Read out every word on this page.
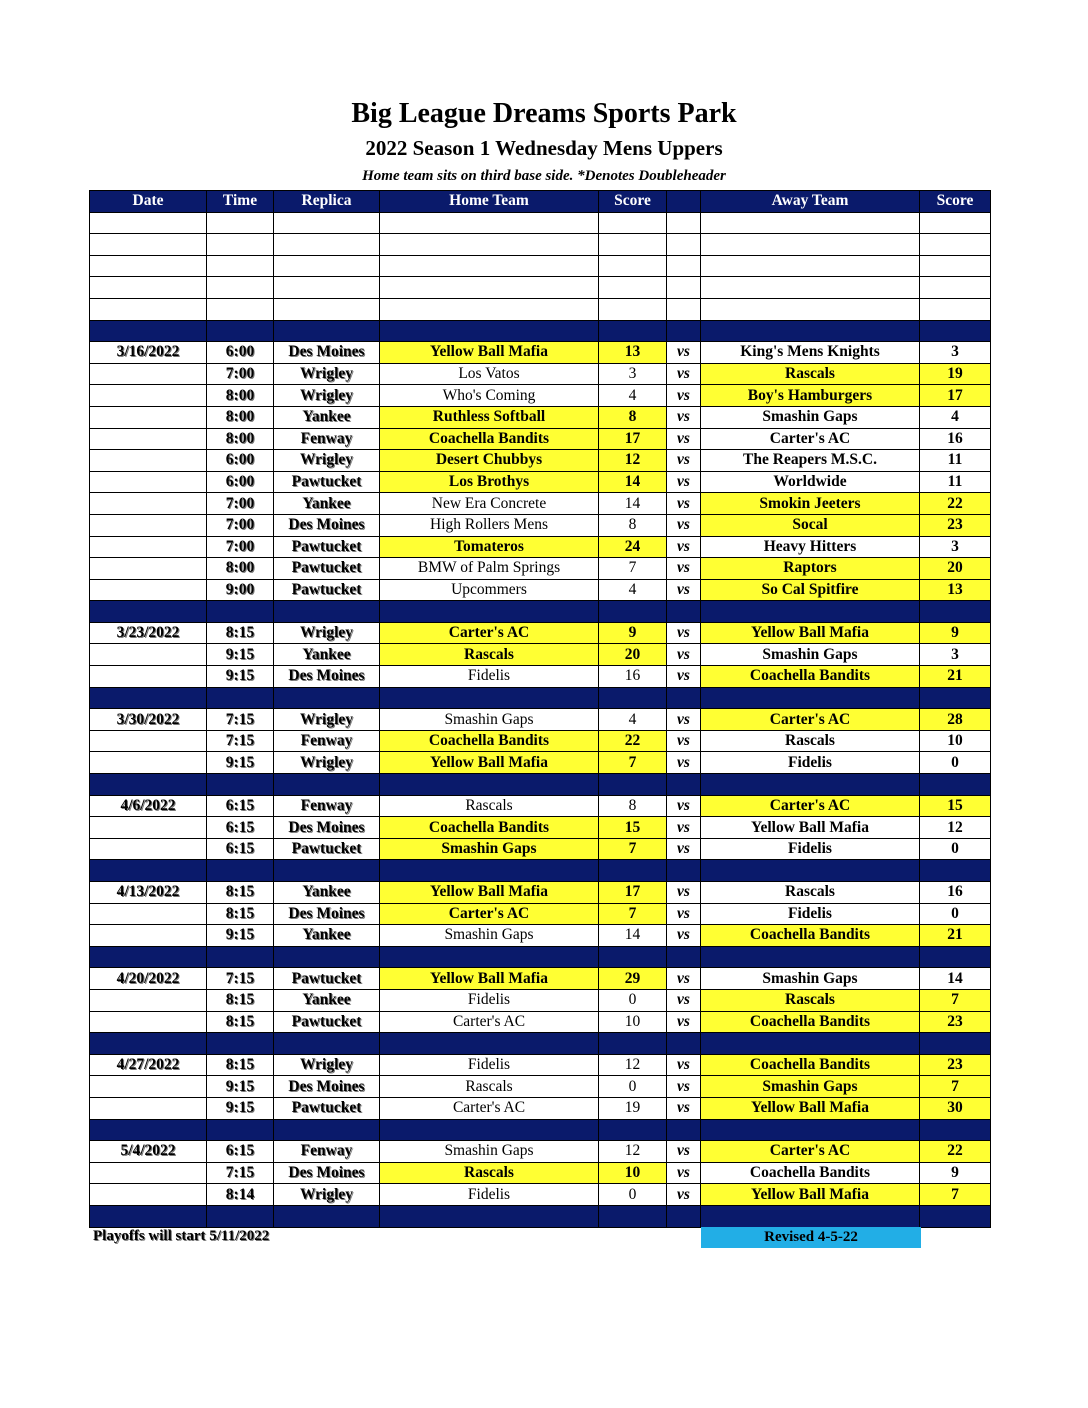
Big League Dreams Sports Park
2022 Season 1 Wednesday Mens Uppers
Home team sits on third base side. *Denotes Doubleheader
Date	Time	Replica	Home Team	Score		Away Team	Score

3/16/2022	6:00	Des Moines	Yellow Ball Mafia	13	vs	King's Mens Knights	3
	7:00	Wrigley	Los Vatos	3	vs	Rascals	19
	8:00	Wrigley	Who's Coming	4	vs	Boy's Hamburgers	17
	8:00	Yankee	Ruthless Softball	8	vs	Smashin Gaps	4
	8:00	Fenway	Coachella Bandits	17	vs	Carter's AC	16
	6:00	Wrigley	Desert Chubbys	12	vs	The Reapers M.S.C.	11
	6:00	Pawtucket	Los Brothys	14	vs	Worldwide	11
	7:00	Yankee	New Era Concrete	14	vs	Smokin Jeeters	22
	7:00	Des Moines	High Rollers Mens	8	vs	Socal	23
	7:00	Pawtucket	Tomateros	24	vs	Heavy Hitters	3
	8:00	Pawtucket	BMW of Palm Springs	7	vs	Raptors	20
	9:00	Pawtucket	Upcommers	4	vs	So Cal Spitfire	13

3/23/2022	8:15	Wrigley	Carter's AC	9	vs	Yellow Ball Mafia	9
	9:15	Yankee	Rascals	20	vs	Smashin Gaps	3
	9:15	Des Moines	Fidelis	16	vs	Coachella Bandits	21

3/30/2022	7:15	Wrigley	Smashin Gaps	4	vs	Carter's AC	28
	7:15	Fenway	Coachella Bandits	22	vs	Rascals	10
	9:15	Wrigley	Yellow Ball Mafia	7	vs	Fidelis	0

4/6/2022	6:15	Fenway	Rascals	8	vs	Carter's AC	15
	6:15	Des Moines	Coachella Bandits	15	vs	Yellow Ball Mafia	12
	6:15	Pawtucket	Smashin Gaps	7	vs	Fidelis	0

4/13/2022	8:15	Yankee	Yellow Ball Mafia	17	vs	Rascals	16
	8:15	Des Moines	Carter's AC	7	vs	Fidelis	0
	9:15	Yankee	Smashin Gaps	14	vs	Coachella Bandits	21

4/20/2022	7:15	Pawtucket	Yellow Ball Mafia	29	vs	Smashin Gaps	14
	8:15	Yankee	Fidelis	0	vs	Rascals	7
	8:15	Pawtucket	Carter's AC	10	vs	Coachella Bandits	23

4/27/2022	8:15	Wrigley	Fidelis	12	vs	Coachella Bandits	23
	9:15	Des Moines	Rascals	0	vs	Smashin Gaps	7
	9:15	Pawtucket	Carter's AC	19	vs	Yellow Ball Mafia	30

5/4/2022	6:15	Fenway	Smashin Gaps	12	vs	Carter's AC	22
	7:15	Des Moines	Rascals	10	vs	Coachella Bandits	9
	8:14	Wrigley	Fidelis	0	vs	Yellow Ball Mafia	7

Playoffs will start 5/11/2022	Revised 4-5-22
